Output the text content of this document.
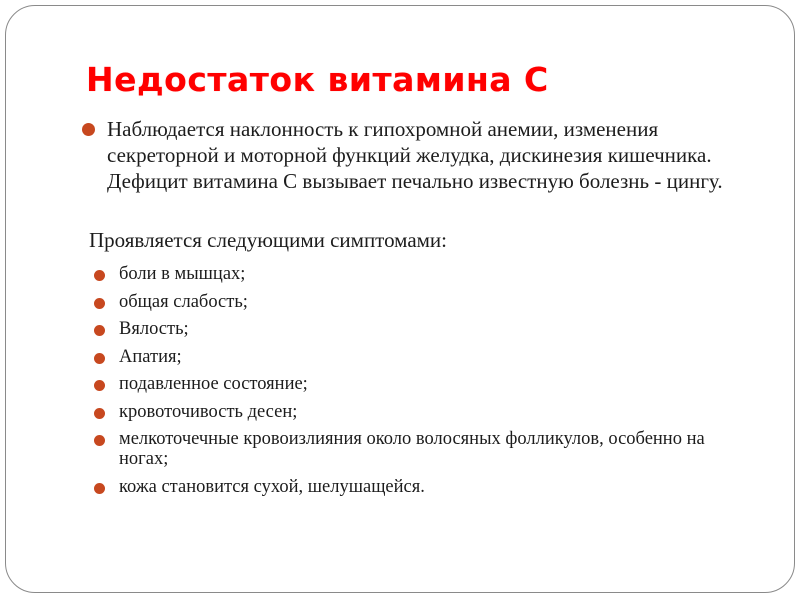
Недостаток витамина С

Наблюдается наклонность к гипохромной анемии, изменения секреторной и моторной функций желудка, дискинезия кишечника. Дефицит витамина С вызывает печально известную болезнь - цингу.

Проявляется следующими симптомами:

боли в мышцах;
общая слабость;
Вялость;
Апатия;
подавленное состояние;
кровоточивость десен;
мелкоточечные кровоизлияния около волосяных фолликулов, особенно на ногах;
кожа становится сухой, шелушащейся.
